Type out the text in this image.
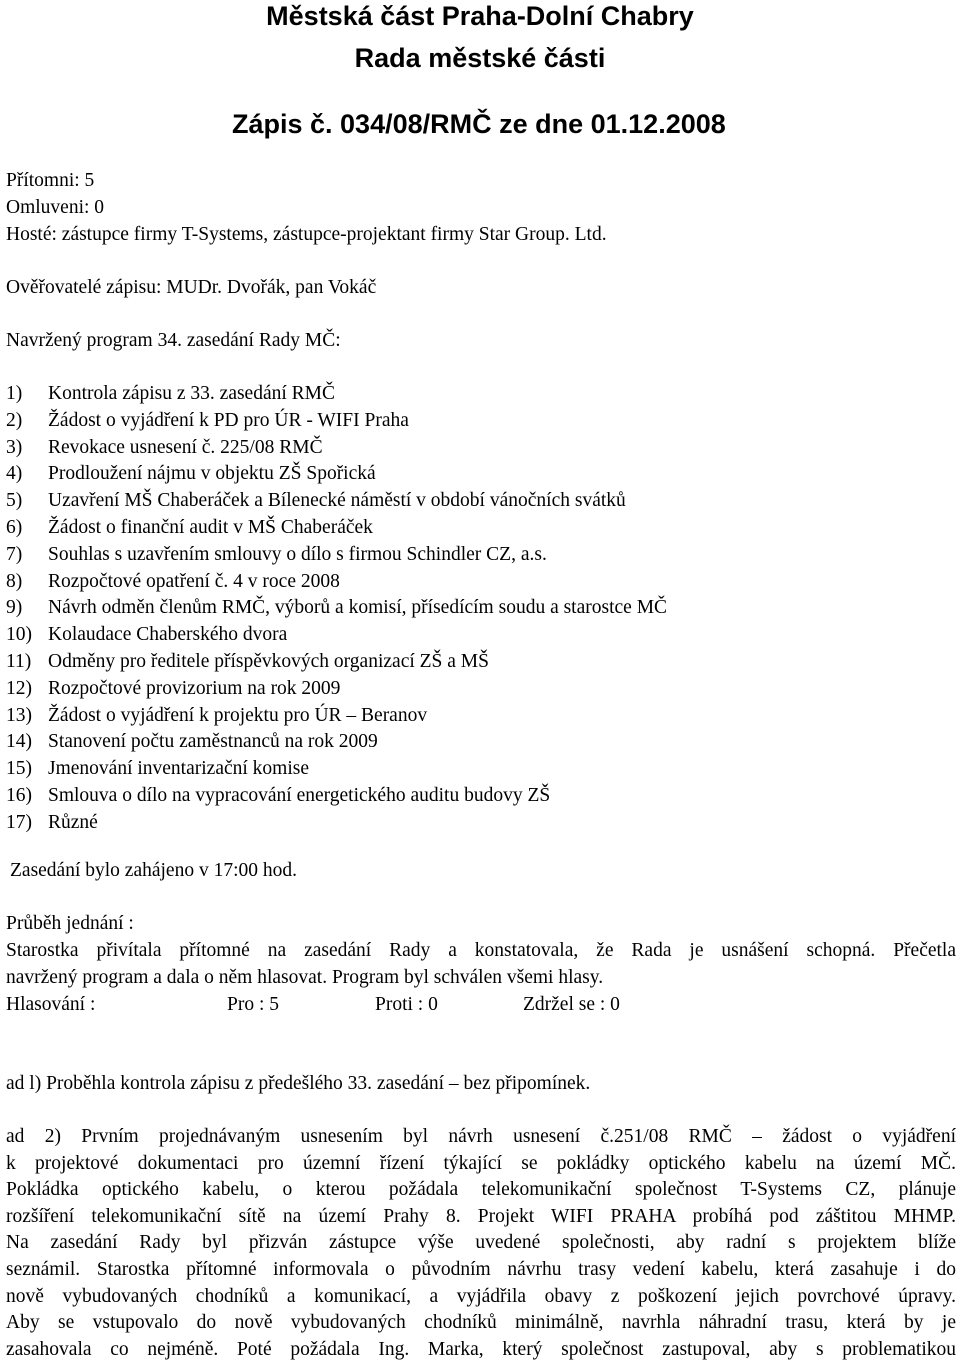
Městská část Praha-Dolní Chabry
Rada městské části
Zápis č. 034/08/RMČ ze dne 01.12.2008
Přítomni: 5
Omluveni: 0
Hosté: zástupce firmy T-Systems, zástupce-projektant firmy Star Group. Ltd.
Ověřovatelé zápisu: MUDr. Dvořák, pan Vokáč
Navržený program 34. zasedání Rady MČ:
1) Kontrola zápisu z 33. zasedání RMČ
2) Žádost o vyjádření k PD pro ÚR - WIFI Praha
3) Revokace usnesení č. 225/08 RMČ
4) Prodloužení nájmu v objektu ZŠ Spořická
5) Uzavření MŠ Chaberáček a Bílenecké náměstí v období vánočních svátků
6) Žádost o finanční audit v MŠ Chaberáček
7) Souhlas s uzavřením smlouvy o dílo s firmou Schindler CZ, a.s.
8) Rozpočtové opatření č. 4 v roce 2008
9) Návrh odměn členům RMČ, výborů a komisí, přísedícím soudu a starostce MČ
10) Kolaudace Chaberského dvora
11) Odměny pro ředitele příspěvkových organizací ZŠ a MŠ
12) Rozpočtové provizorium na rok 2009
13) Žádost o vyjádření k projektu pro ÚR – Beranov
14) Stanovení počtu zaměstnanců na rok 2009
15) Jmenování inventarizační komise
16) Smlouva o dílo na vypracování energetického auditu budovy ZŠ
17) Různé
Zasedání bylo zahájeno v 17:00 hod.
Průběh jednání :
Starostka přivítala přítomné na zasedání Rady a konstatovala, že Rada je usnášení schopná. Přečetla
navržený program a dala o něm hlasovat. Program byl schválen všemi hlasy.
Hlasování :	Pro : 5	Proti : 0	Zdržel se : 0
ad l) Proběhla kontrola zápisu z předešlého 33. zasedání – bez připomínek.
ad 2) Prvním projednávaným usnesením byl návrh usnesení č.251/08 RMČ – žádost o vyjádření
k projektové dokumentaci pro územní řízení týkající se pokládky optického kabelu na území MČ.
Pokládka optického kabelu, o kterou požádala telekomunikační společnost T-Systems CZ, plánuje
rozšíření telekomunikační sítě na území Prahy 8. Projekt WIFI PRAHA probíhá pod záštitou MHMP.
Na zasedání Rady byl přizván zástupce výše uvedené společnosti, aby radní s projektem blíže
seznámil. Starostka přítomné informovala o původním návrhu trasy vedení kabelu, která zasahuje i do
nově vybudovaných chodníků a komunikací, a vyjádřila obavy z poškození jejich povrchové úpravy.
Aby se vstupovalo do nově vybudovaných chodníků minimálně, navrhla náhradní trasu, která by je
zasahovala co nejméně. Poté požádala Ing. Marka, který společnost zastupoval, aby s problematikou
